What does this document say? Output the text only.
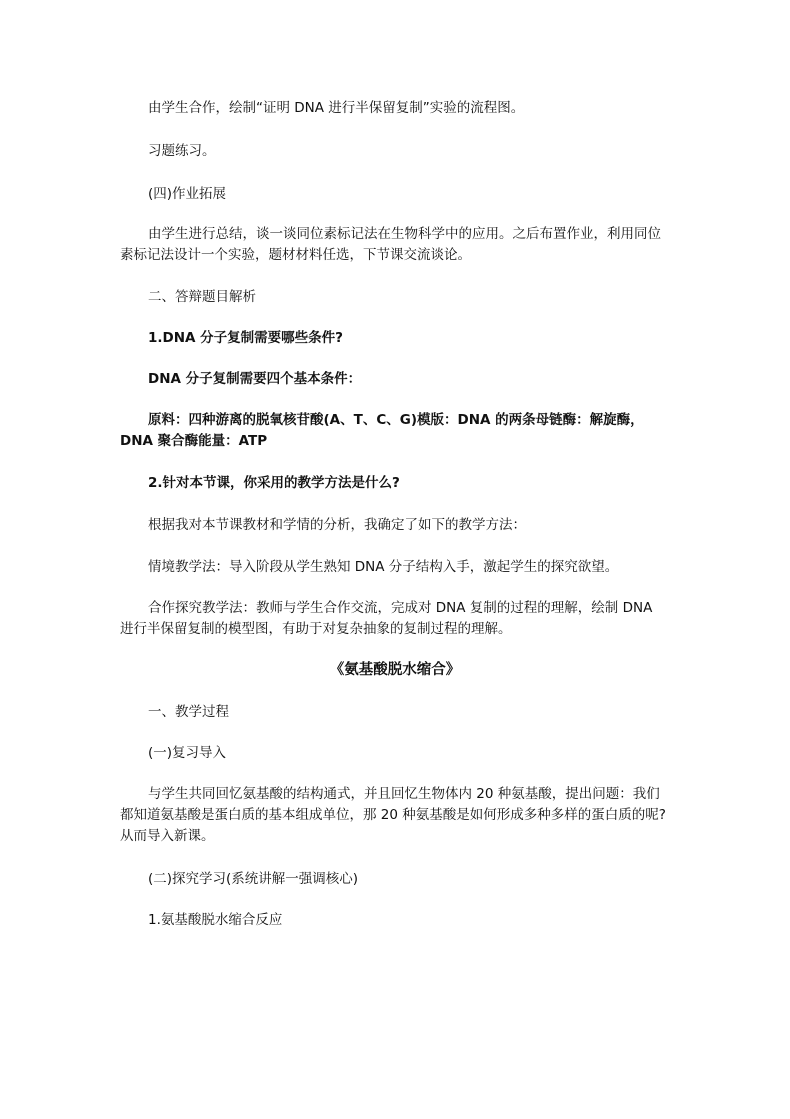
由学生合作，绘制“证明 DNA 进行半保留复制”实验的流程图。
习题练习。
(四)作业拓展
由学生进行总结，谈一谈同位素标记法在生物科学中的应用。之后布置作业，利用同位素标记法设计一个实验，题材材料任选，下节课交流谈论。
二、答辩题目解析
1.DNA 分子复制需要哪些条件?
DNA 分子复制需要四个基本条件：
原料：四种游离的脱氧核苷酸(A、T、C、G)模版：DNA 的两条母链酶：解旋酶，DNA 聚合酶能量：ATP
2.针对本节课，你采用的教学方法是什么?
根据我对本节课教材和学情的分析，我确定了如下的教学方法：
情境教学法：导入阶段从学生熟知 DNA 分子结构入手，激起学生的探究欲望。
合作探究教学法：教师与学生合作交流，完成对 DNA 复制的过程的理解，绘制 DNA 进行半保留复制的模型图，有助于对复杂抽象的复制过程的理解。
《氨基酸脱水缩合》
一、教学过程
(一)复习导入
与学生共同回忆氨基酸的结构通式，并且回忆生物体内 20 种氨基酸，提出问题：我们都知道氨基酸是蛋白质的基本组成单位，那 20 种氨基酸是如何形成多种多样的蛋白质的呢?从而导入新课。
(二)探究学习(系统讲解一强调核心)
1.氨基酸脱水缩合反应
